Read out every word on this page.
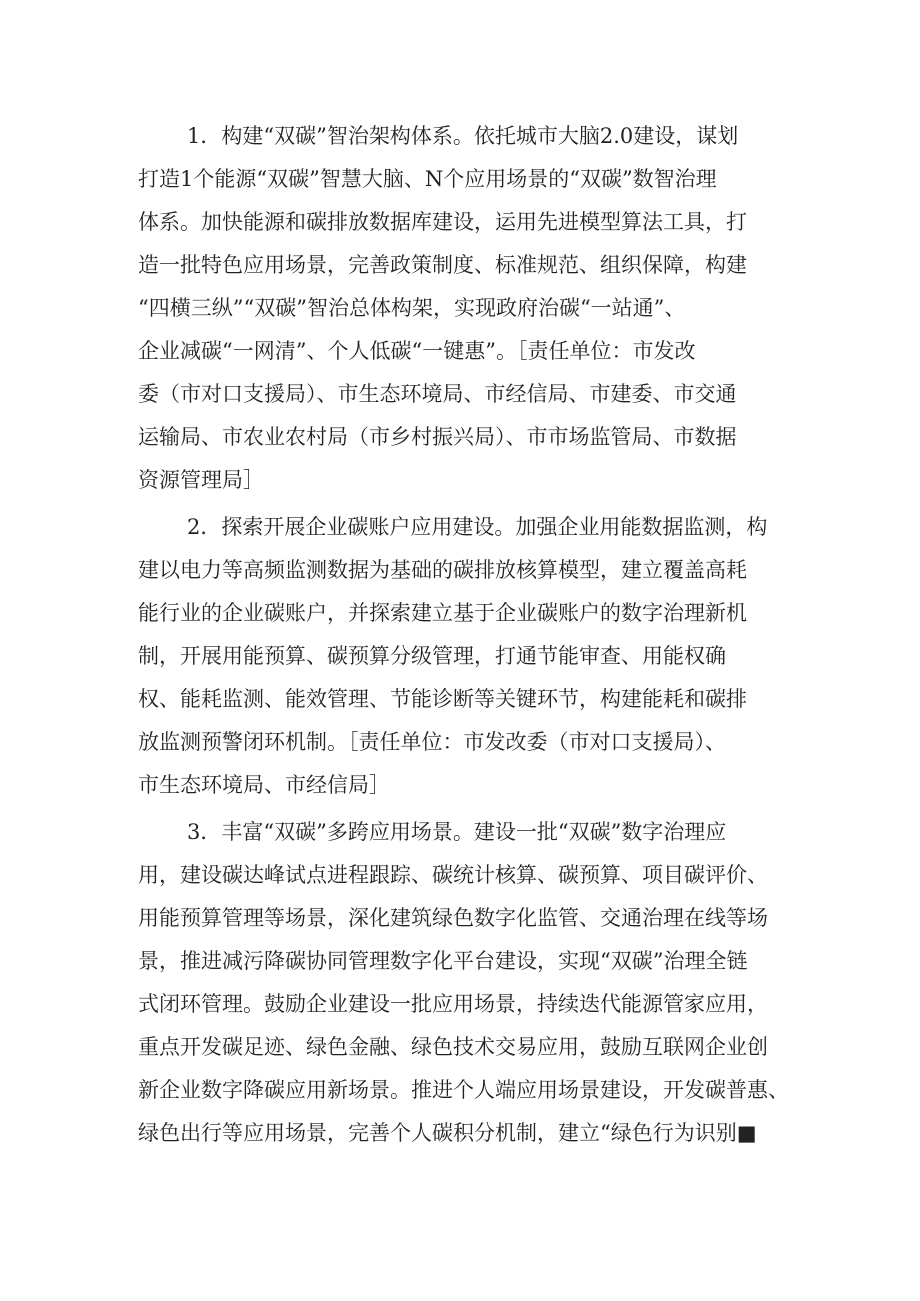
1．构建“双碳”智治架构体系。依托城市大脑2.0建设，谋划
打造1个能源“双碳”智慧大脑、N个应用场景的“双碳”数智治理
体系。加快能源和碳排放数据库建设，运用先进模型算法工具，打
造一批特色应用场景，完善政策制度、标准规范、组织保障，构建
“四横三纵”“双碳”智治总体构架，实现政府治碳“一站通”、
企业减碳“一网清”、个人低碳“一键惠”。［责任单位：市发改
委（市对口支援局）、市生态环境局、市经信局、市建委、市交通
运输局、市农业农村局（市乡村振兴局）、市市场监管局、市数据
资源管理局］
2．探索开展企业碳账户应用建设。加强企业用能数据监测，构
建以电力等高频监测数据为基础的碳排放核算模型，建立覆盖高耗
能行业的企业碳账户，并探索建立基于企业碳账户的数字治理新机
制，开展用能预算、碳预算分级管理，打通节能审查、用能权确
权、能耗监测、能效管理、节能诊断等关键环节，构建能耗和碳排
放监测预警闭环机制。［责任单位：市发改委（市对口支援局）、
市生态环境局、市经信局］
3．丰富“双碳”多跨应用场景。建设一批“双碳”数字治理应
用，建设碳达峰试点进程跟踪、碳统计核算、碳预算、项目碳评价、
用能预算管理等场景，深化建筑绿色数字化监管、交通治理在线等场
景，推进减污降碳协同管理数字化平台建设，实现“双碳”治理全链
式闭环管理。鼓励企业建设一批应用场景，持续迭代能源管家应用，
重点开发碳足迹、绿色金融、绿色技术交易应用，鼓励互联网企业创
新企业数字降碳应用新场景。推进个人端应用场景建设，开发碳普惠、
绿色出行等应用场景，完善个人碳积分机制，建立“绿色行为识别■
